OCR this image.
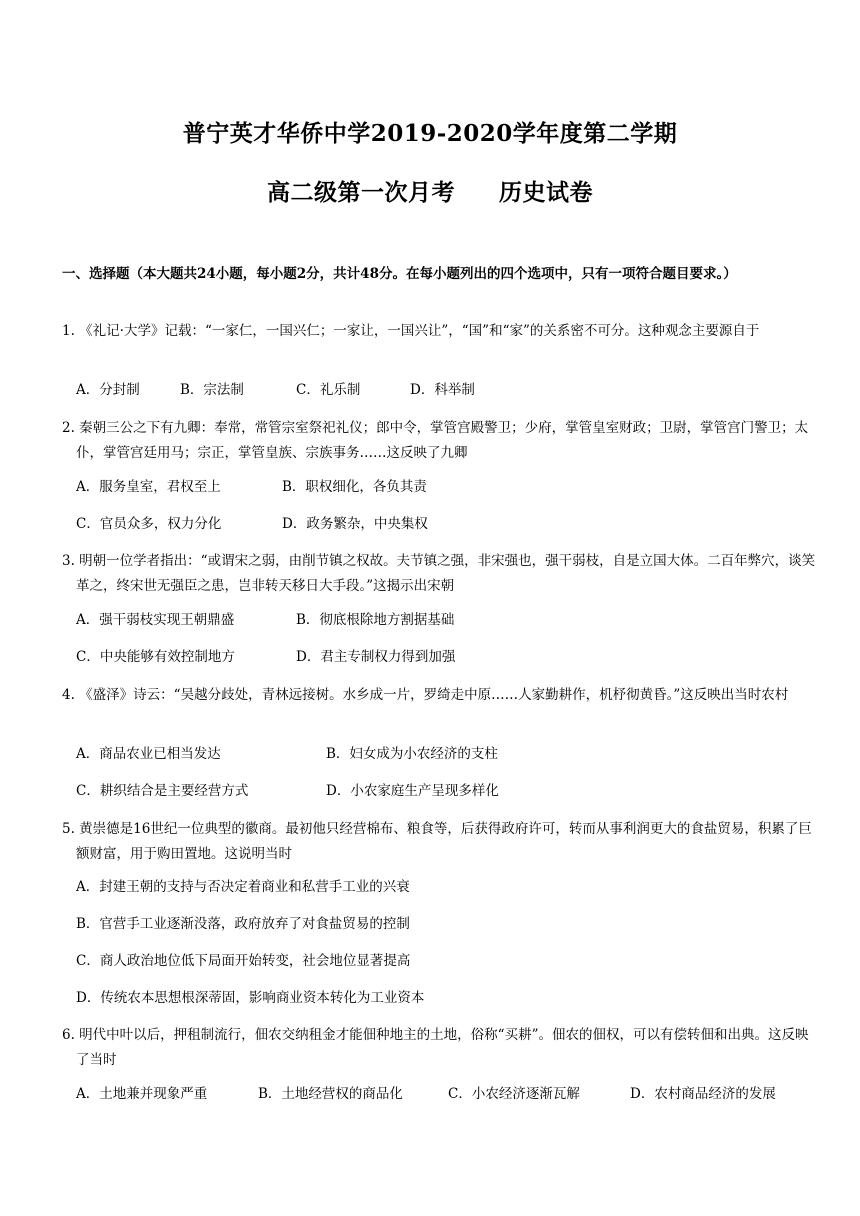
普宁英才华侨中学2019-2020学年度第二学期
高二级第一次月考 历史试卷
一、选择题（本大题共24小题，每小题2分，共计48分。在每小题列出的四个选项中，只有一项符合题目要求。）
1. 《礼记·大学》记载：“一家仁，一国兴仁；一家让，一国兴让”，“国”和“家”的关系密不可分。这种观念主要源自于
A．分封制	B．宗法制	C．礼乐制	D．科举制
2. 秦朝三公之下有九卿：奉常，常管宗室祭祀礼仪；郎中令，掌管宫殿警卫；少府，掌管皇室财政；卫尉，掌管宫门警卫；太仆，掌管宫廷用马；宗正，掌管皇族、宗族事务……这反映了九卿
A．服务皇室，君权至上	B．职权细化，各负其责
C．官员众多，权力分化	D．政务繁杂，中央集权
3. 明朝一位学者指出：“或谓宋之弱，由削节镇之权故。夫节镇之强，非宋强也，强干弱枝，自是立国大体。二百年弊穴，谈笑革之，终宋世无强臣之患，岂非转天移日大手段。”这揭示出宋朝
A．强干弱枝实现王朝鼎盛	B．彻底根除地方割据基础
C．中央能够有效控制地方	D．君主专制权力得到加强
4. 《盛泽》诗云：“吴越分歧处，青林远接树。水乡成一片，罗绮走中原……人家勤耕作，机杼彻黄昏。”这反映出当时农村
A．商品农业已相当发达	B．妇女成为小农经济的支柱
C．耕织结合是主要经营方式	D．小农家庭生产呈现多样化
5. 黄崇德是16世纪一位典型的徽商。最初他只经营棉布、粮食等，后获得政府许可，转而从事利润更大的食盐贸易，积累了巨额财富，用于购田置地。这说明当时
A．封建王朝的支持与否决定着商业和私营手工业的兴衰
B．官营手工业逐渐没落，政府放弃了对食盐贸易的控制
C．商人政治地位低下局面开始转变，社会地位显著提高
D．传统农本思想根深蒂固，影响商业资本转化为工业资本
6. 明代中叶以后，押租制流行，佃农交纳租金才能佃种地主的土地，俗称“买耕”。佃农的佃权，可以有偿转佃和出典。这反映了当时
A．土地兼并现象严重	B．土地经营权的商品化	C．小农经济逐渐瓦解	D．农村商品经济的发展
